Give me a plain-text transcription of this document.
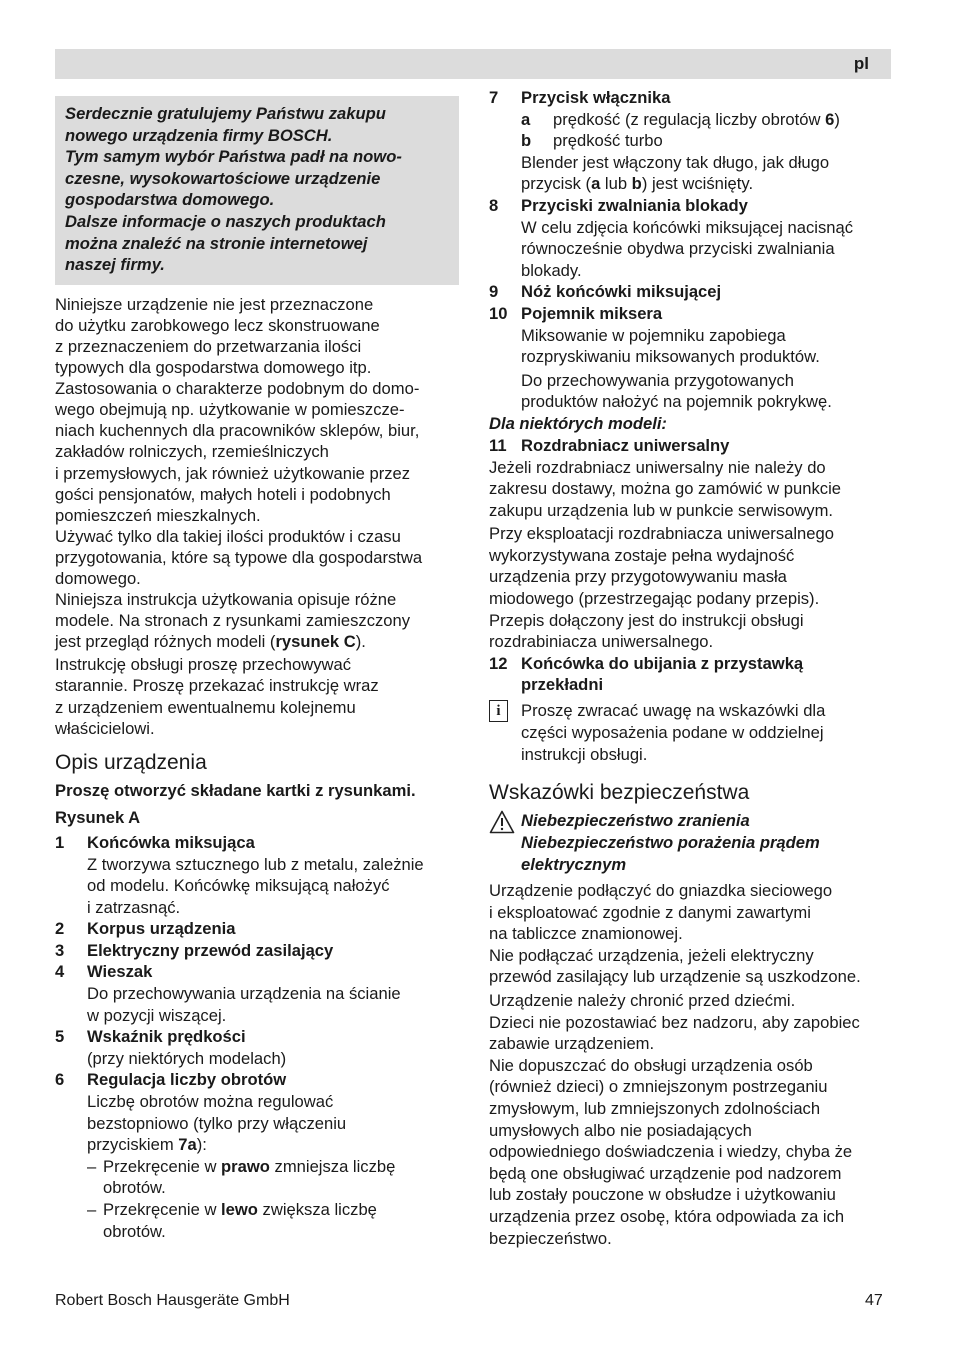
pl
Serdecznie gratulujemy Państwu zakupu
nowego urządzenia firmy BOSCH.
Tym samym wybór Państwa padł na nowo-
czesne, wysokowartościowe urządzenie
gospodarstwa domowego.
Dalsze informacje o naszych produktach
można znaleźć na stronie internetowej
naszej firmy.
Niniejsze urządzenie nie jest przeznaczone
do użytku zarobkowego lecz skonstruowane
z przeznaczeniem do przetwarzania ilości
typowych dla gospodarstwa domowego itp.
Zastosowania o charakterze podobnym do domo-
wego obejmują np. użytkowanie w pomieszcze-
niach kuchennych dla pracowników sklepów, biur,
zakładów rolniczych, rzemieślniczych
i przemysłowych, jak również użytkowanie przez
gości pensjonatów, małych hoteli i podobnych
pomieszczeń mieszkalnych.
Używać tylko dla takiej ilości produktów i czasu
przygotowania, które są typowe dla gospodarstwa
domowego.
Niniejsza instrukcja użytkowania opisuje różne
modele. Na stronach z rysunkami zamieszczony
jest przegląd różnych modeli (rysunek C).
Instrukcję obsługi proszę przechowywać
starannie. Proszę przekazać instrukcję wraz
z urządzeniem ewentualnemu kolejnemu
właścicielowi.
Opis urządzenia
Proszę otworzyć składane kartki z rysunkami.
Rysunek A
1	Końcówka miksująca
Z tworzywa sztucznego lub z metalu, zależnie
od modelu. Końcówkę miksującą nałożyć
i zatrzasnąć.
2	Korpus urządzenia
3	Elektryczny przewód zasilający
4	Wieszak
Do przechowywania urządzenia na ścianie
w pozycji wiszącej.
5	Wskaźnik prędkości
(przy niektórych modelach)
6	Regulacja liczby obrotów
Liczbę obrotów można regulować
bezstopniowo (tylko przy włączeniu
przyciskiem 7a):
– Przekręcenie w prawo zmniejsza liczbę
obrotów.
– Przekręcenie w lewo zwiększa liczbę
obrotów.
7	Przycisk włącznika
a	prędkość (z regulacją liczby obrotów 6)
b	prędkość turbo
Blender jest włączony tak długo, jak długo
przycisk (a lub b) jest wciśnięty.
8	Przyciski zwalniania blokady
W celu zdjęcia końcówki miksującej nacisnąć
równocześnie obydwa przyciski zwalniania
blokady.
9	Nóż końcówki miksującej
10 Pojemnik miksera
Miksowanie w pojemniku zapobiega
rozpryskiwaniu miksowanych produktów.
Do przechowywania przygotowanych
produktów nałożyć na pojemnik pokrykwę.
Dla niektórych modeli:
11 Rozdrabniacz uniwersalny
Jeżeli rozdrabniacz uniwersalny nie należy do
zakresu dostawy, można go zamówić w punkcie
zakupu urządzenia lub w punkcie serwisowym.
Przy eksploatacji rozdrabniacza uniwersalnego
wykorzystywana zostaje pełna wydajność
urządzenia przy przygotowywaniu masła
miodowego (przestrzegając podany przepis).
Przepis dołączony jest do instrukcji obsługi
rozdrabiniacza uniwersalnego.
12 Końcówka do ubijania z przystawką
przekładni
i	Proszę zwracać uwagę na wskazówki dla
części wyposażenia podane w oddzielnej
instrukcji obsługi.
Wskazówki bezpieczeństwa
Niebezpieczeństwo zranienia
Niebezpieczeństwo porażenia prądem
elektrycznym
Urządzenie podłączyć do gniazdka sieciowego
i eksploatować zgodnie z danymi zawartymi
na tabliczce znamionowej.
Nie podłączać urządzenia, jeżeli elektryczny
przewód zasilający lub urządzenie są uszkodzone.
Urządzenie należy chronić przed dziećmi.
Dzieci nie pozostawiać bez nadzoru, aby zapobiec
zabawie urządzeniem.
Nie dopuszczać do obsługi urządzenia osób
(również dzieci) o zmniejszonym postrzeganiu
zmysłowym, lub zmniejszonych zdolnościach
umysłowych albo nie posiadających
odpowiedniego doświadczenia i wiedzy, chyba że
będą one obsługiwać urządzenie pod nadzorem
lub zostały pouczone w obsłudze i użytkowaniu
urządzenia przez osobę, która odpowiada za ich
bezpieczeństwo.
Robert Bosch Hausgeräte GmbH	47
